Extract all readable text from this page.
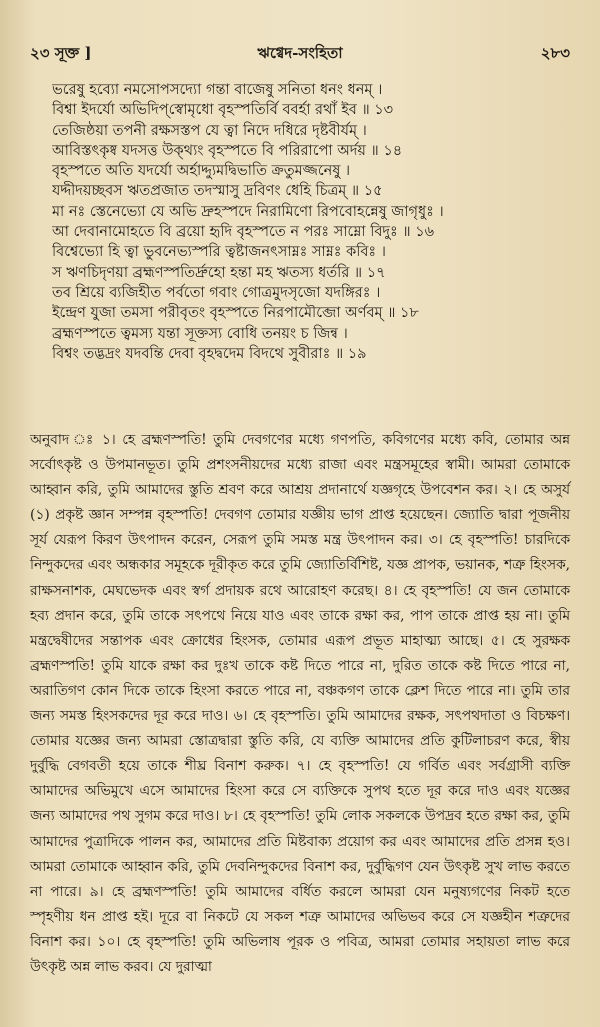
২৩ সূক্ত ]	ঋগ্বেদ-সংহিতা	২৮৩
ভরেষু হব্যো নমসোপসদ্যো গন্তা বাজেষু সনিতা ধনং ধনম্‌ ।
বিশ্বা ইদর্যো অভিদিপ্‌স্বোমৃধো বৃহস্পতির্বি ববর্হা রথাঁ ইব ॥ ১৩
তেজিষ্ঠয়া তপনী রক্ষসস্তপ যে ত্বা নিদে দধিরে দৃষ্টবীর্যম্‌ ।
আবিস্তৎকৃষ্ব যদসত্ত উক্‌থ্যং বৃহস্পতে বি পরিরাপো অর্দয় ॥ ১৪
বৃহস্পতে অতি যদর্যো অর্হাদ্দ্যুমদ্বিভাতি ক্রতুমজ্জনেষু ।
যদ্দীদয়চ্ছবস ঋতপ্রজাত তদস্মাসু দ্রবিণং ধেহি চিত্রম্‌ ॥ ১৫
মা নঃ স্তেনেভ্যো যে অভি দ্রুহস্পদে নিরামিণো রিপবোহন্নেষু জাগৃধুঃ ।
আ দেবানামোহতে বি ব্রয়ো হৃদি বৃহস্পতে ন পরঃ সাম্নো বিদুঃ ॥ ১৬
বিশ্বেভ্যো হি ত্বা ভুবনেভ্যস্পরি ত্বষ্টাজনৎসাম্নঃ সাম্নঃ কবিঃ ।
স ঋণচিদৃণয়া ব্রহ্মণস্পতির্দ্রুহো হন্তা মহ ঋতস্য ধর্তরি ॥ ১৭
তব শ্রিয়ে ব্যজিহীত পর্বতো গবাং গোত্রমুদসৃজো যদঙ্গিরঃ ।
ইন্দ্রেণ যুজা তমসা পরীবৃতং বৃহস্পতে নিরপামৌব্জো অর্ণবম্‌ ॥ ১৮
ব্রহ্মণস্পতে ত্বমস্য যন্তা সূক্তস্য বোধি তনয়ং চ জিন্ব ।
বিশ্বং তদ্ভদ্রং যদবন্তি দেবা বৃহদ্বদেম বিদথে সুবীরাঃ ॥ ১৯
অনুবাদ ঃ ১। হে ব্রহ্মণস্পতি! তুমি দেবগণের মধ্যে গণপতি, কবিগণের মধ্যে কবি, তোমার অন্ন সর্বোৎকৃষ্ট ও উপমানভূত। তুমি প্রশংসনীয়দের মধ্যে রাজা এবং মন্ত্রসমূহের স্বামী। আমরা তোমাকে আহ্বান করি, তুমি আমাদের স্তুতি শ্রবণ করে আশ্রয় প্রদানার্থে যজ্ঞগৃহে উপবেশন কর। ২। হে অসুর্য (১) প্রকৃষ্ট জ্ঞান সম্পন্ন বৃহস্পতি! দেবগণ তোমার যজ্ঞীয় ভাগ প্রাপ্ত হয়েছেন। জ্যোতি দ্বারা পূজনীয় সূর্য যেরূপ কিরণ উৎপাদন করেন, সেরূপ তুমি সমস্ত মন্ত্র উৎপাদন কর। ৩। হে বৃহস্পতি! চারদিকে নিন্দুকদের এবং অন্ধকার সমূহকে দূরীকৃত করে তুমি জ্যোতির্বিশিষ্ট, যজ্ঞ প্রাপক, ভয়ানক, শত্রু হিংসক, রাক্ষসনাশক, মেঘভেদক এবং স্বর্গ প্রদায়ক রথে আরোহণ করেছ। ৪। হে বৃহস্পতি! যে জন তোমাকে হব্য প্রদান করে, তুমি তাকে সৎপথে নিয়ে যাও এবং তাকে রক্ষা কর, পাপ তাকে প্রাপ্ত হয় না। তুমি মন্ত্রদ্বেষীদের সন্তাপক এবং ক্রোধের হিংসক, তোমার এরূপ প্রভূত মাহাত্ম্য আছে। ৫। হে সুরক্ষক ব্রহ্মণস্পতি! তুমি যাকে রক্ষা কর দুঃখ তাকে কষ্ট দিতে পারে না, দুরিত তাকে কষ্ট দিতে পারে না, অরাতিগণ কোন দিকে তাকে হিংসা করতে পারে না, বঞ্চকগণ তাকে ক্লেশ দিতে পারে না। তুমি তার জন্য সমস্ত হিংসকদের দূর করে দাও। ৬। হে বৃহস্পতি। তুমি আমাদের রক্ষক, সৎপথদাতা ও বিচক্ষণ। তোমার যজ্ঞের জন্য আমরা স্তোত্রদ্বারা স্তুতি করি, যে ব্যক্তি আমাদের প্রতি কুটিলাচরণ করে, স্বীয় দুর্বুদ্ধি বেগবতী হয়ে তাকে শীঘ্র বিনাশ করুক। ৭। হে বৃহস্পতি! যে গর্বিত এবং সর্বগ্রাসী ব্যক্তি আমাদের অভিমুখে এসে আমাদের হিংসা করে সে ব্যক্তিকে সুপথ হতে দূর করে দাও এবং যজ্ঞের জন্য আমাদের পথ সুগম করে দাও। ৮। হে বৃহস্পতি! তুমি লোক সকলকে উপদ্রব হতে রক্ষা কর, তুমি আমাদের পুত্রাদিকে পালন কর, আমাদের প্রতি মিষ্টবাক্য প্রয়োগ কর এবং আমাদের প্রতি প্রসন্ন হও। আমরা তোমাকে আহ্বান করি, তুমি দেবনিন্দুকদের বিনাশ কর, দুর্বুদ্ধিগণ যেন উৎকৃষ্ট সুখ লাভ করতে না পারে। ৯। হে ব্রহ্মণস্পতি! তুমি আমাদের বর্ধিত করলে আমরা যেন মনুষ্যগণের নিকট হতে স্পৃহণীয় ধন প্রাপ্ত হই। দূরে বা নিকটে যে সকল শত্রু আমাদের অভিভব করে সে যজ্ঞহীন শত্রুদের বিনাশ কর। ১০। হে বৃহস্পতি! তুমি অভিলাষ পূরক ও পবিত্র, আমরা তোমার সহায়তা লাভ করে উৎকৃষ্ট অন্ন লাভ করব। যে দুরাত্মা
